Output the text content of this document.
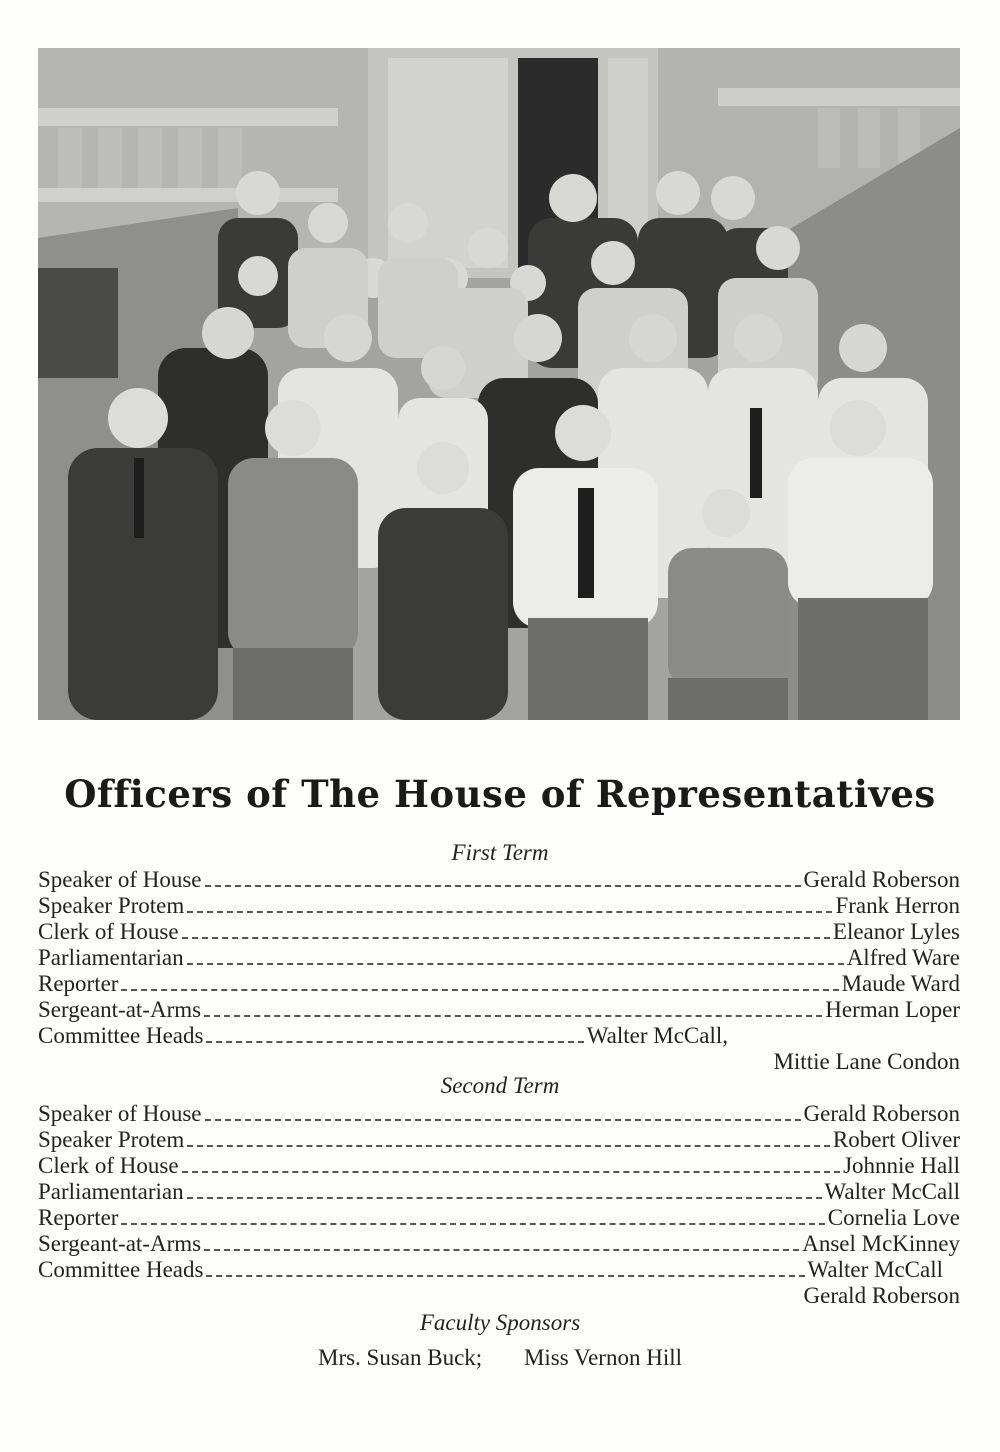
Officers of The House of Representatives
First Term
Speaker of House	Gerald Roberson
Speaker Protem	Frank Herron
Clerk of House	Eleanor Lyles
Parliamentarian	Alfred Ware
Reporter	Maude Ward
Sergeant-at-Arms	Herman Loper
Committee Heads	Walter McCall,
Mittie Lane Condon
Second Term
Speaker of House	Gerald Roberson
Speaker Protem	Robert Oliver
Clerk of House	Johnnie Hall
Parliamentarian	Walter McCall
Reporter	Cornelia Love
Sergeant-at-Arms	Ansel McKinney
Committee Heads	Walter McCall
Gerald Roberson
Faculty Sponsors
Mrs. Susan Buck; Miss Vernon Hill
